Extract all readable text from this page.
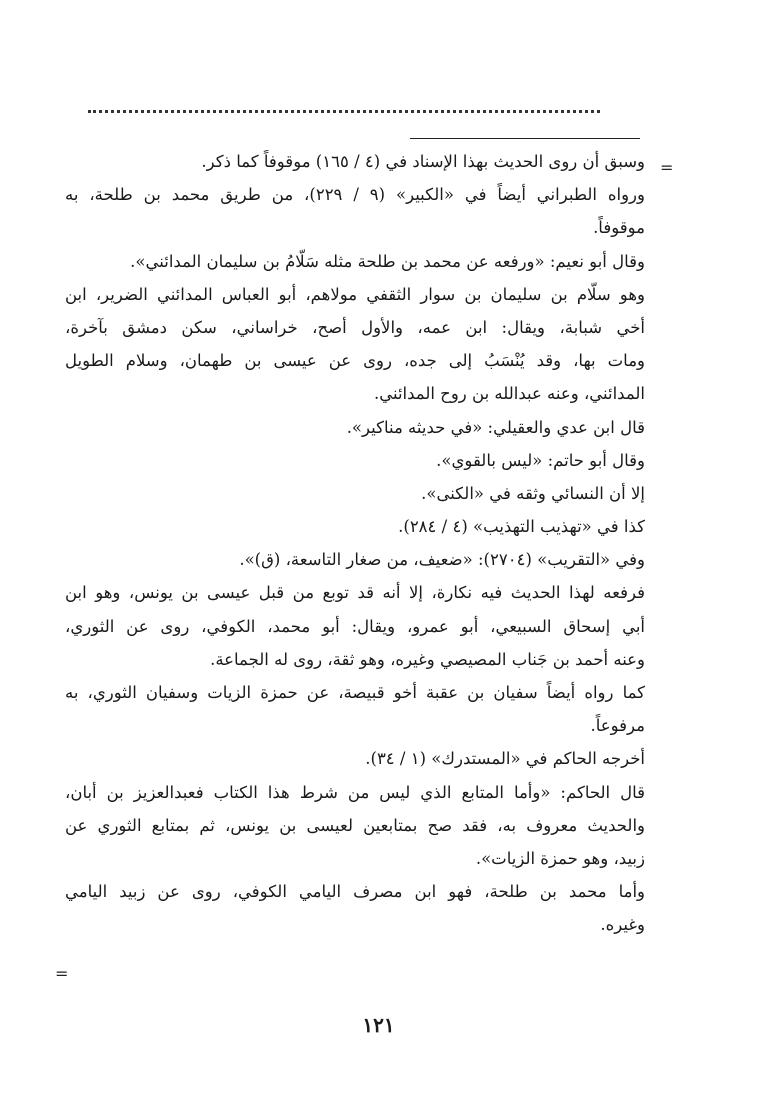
=
=
وسبق أن روى الحديث بهذا الإسناد في (٤ / ١٦٥) موقوفاً كما ذكر.
ورواه الطبراني أيضاً في «الكبير» (٩ / ٢٢٩)، من طريق محمد بن طلحة، به
موقوفاً.
وقال أبو نعيم: «ورفعه عن محمد بن طلحة مثله سَلّامُ بن سليمان المدائني».
وهو سلّام بن سليمان بن سوار الثقفي مولاهم، أبو العباس المدائني الضرير، ابن
أخي شبابة، ويقال: ابن عمه، والأول أصح، خراساني، سكن دمشق بآخرة،
ومات بها، وقد يُنْسَبُ إلى جده، روى عن عيسى بن طهمان، وسلام الطويل
المدائني، وعنه عبدالله بن روح المدائني.
قال ابن عدي والعقيلي: «في حديثه مناكير».
وقال أبو حاتم: «ليس بالقوي».
إلا أن النسائي وثقه في «الكنى».
كذا في «تهذيب التهذيب» (٤ / ٢٨٤).
وفي «التقريب» (٢٧٠٤): «ضعيف، من صغار التاسعة، (ق)».
فرفعه لهذا الحديث فيه نكارة، إلا أنه قد توبع من قبل عيسى بن يونس، وهو ابن
أبي إسحاق السبيعي، أبو عمرو، ويقال: أبو محمد، الكوفي، روى عن الثوري،
وعنه أحمد بن جَناب المصيصي وغيره، وهو ثقة، روى له الجماعة.
كما رواه أيضاً سفيان بن عقبة أخو قبيصة، عن حمزة الزيات وسفيان الثوري، به
مرفوعاً.
أخرجه الحاكم في «المستدرك» (١ / ٣٤).
قال الحاكم: «وأما المتابع الذي ليس من شرط هذا الكتاب فعبدالعزيز بن أبان،
والحديث معروف به، فقد صح بمتابعين لعيسى بن يونس، ثم بمتابع الثوري عن
زبيد، وهو حمزة الزيات».
وأما محمد بن طلحة، فهو ابن مصرف اليامي الكوفي، روى عن زبيد اليامي
وغيره.
١٢١
